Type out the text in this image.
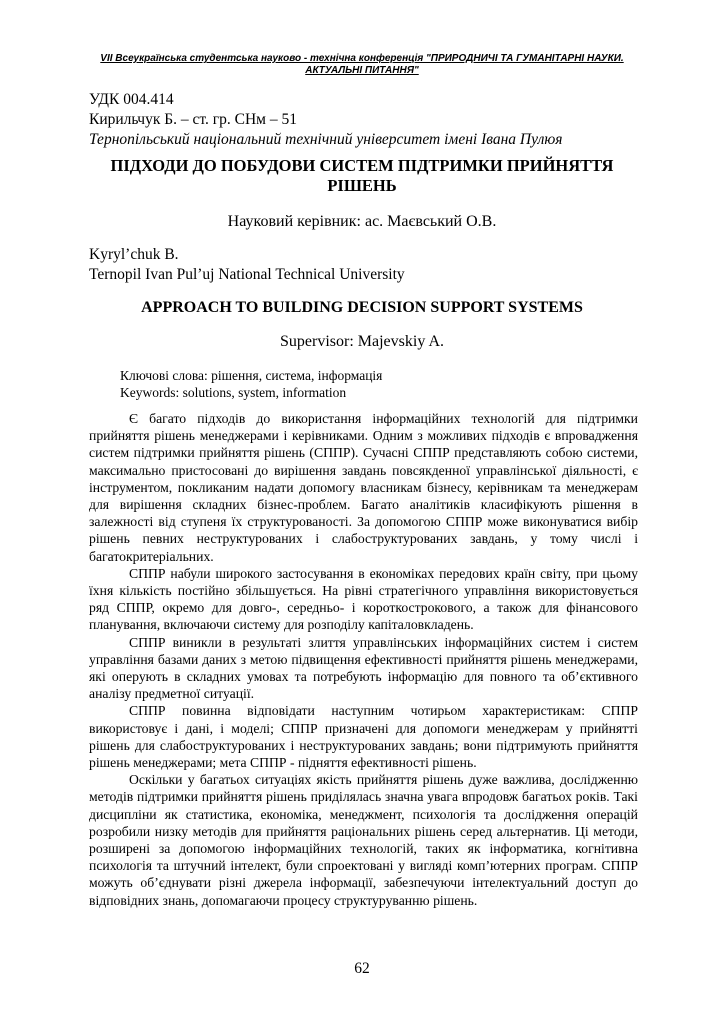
VII Всеукраїнська студентська науково - технічна конференція "ПРИРОДНИЧІ ТА ГУМАНІТАРНІ НАУКИ. АКТУАЛЬНІ ПИТАННЯ"
УДК 004.414
Кирильчук Б. – ст. гр. СНм – 51
Тернопільський національний технічний університет імені Івана Пулюя
ПІДХОДИ ДО ПОБУДОВИ СИСТЕМ ПІДТРИМКИ ПРИЙНЯТТЯ РІШЕНЬ
Науковий керівник: ас. Маєвський О.В.
Kyryl’chuk B.
Ternopil Ivan Pul’uj National Technical University
APPROACH TO BUILDING DECISION SUPPORT SYSTEMS
Supervisor: Majevskiy A.
Ключові слова: рішення, система, інформація
Keywords: solutions, system, information

Є багато підходів до використання інформаційних технологій для підтримки прийняття рішень менеджерами і керівниками. Одним з можливих підходів є впровадження систем підтримки прийняття рішень (СППР). Сучасні СППР представляють собою системи, максимально пристосовані до вирішення завдань повсякденної управлінської діяльності, є інструментом, покликаним надати допомогу власникам бізнесу, керівникам та менеджерам для вирішення складних бізнес-проблем. Багато аналітиків класифікують рішення в залежності від ступеня їх структурованості. За допомогою СППР може виконуватися вибір рішень певних неструктурованих і слабоструктурованих завдань, у тому числі і багатокритеріальних.

СППР набули широкого застосування в економіках передових країн світу, при цьому їхня кількість постійно збільшується. На рівні стратегічного управління використовується ряд СППР, окремо для довго-, середньо- і короткострокового, а також для фінансового планування, включаючи систему для розподілу капіталовкладень.

СППР виникли в результаті злиття управлінських інформаційних систем і систем управління базами даних з метою підвищення ефективності прийняття рішень менеджерами, які оперують в складних умовах та потребують інформацію для повного та об’єктивного аналізу предметної ситуації.

СППР повинна відповідати наступним чотирьом характеристикам: СППР використовує і дані, і моделі; СППР призначені для допомоги менеджерам у прийнятті рішень для слабоструктурованих і неструктурованих завдань; вони підтримують прийняття рішень менеджерами; мета СППР - підняття ефективності рішень.

Оскільки у багатьох ситуаціях якість прийняття рішень дуже важлива, дослідженню методів підтримки прийняття рішень приділялась значна увага впродовж багатьох років. Такі дисципліни як статистика, економіка, менеджмент, психологія та дослідження операцій розробили низку методів для прийняття раціональних рішень серед альтернатив. Ці методи, розширені за допомогою інформаційних технологій, таких як інформатика, когнітивна психологія та штучний інтелект, були спроектовані у вигляді комп’ютерних програм. СППР можуть об’єднувати різні джерела інформації, забезпечуючи інтелектуальний доступ до відповідних знань, допомагаючи процесу структуруванню рішень.

62
